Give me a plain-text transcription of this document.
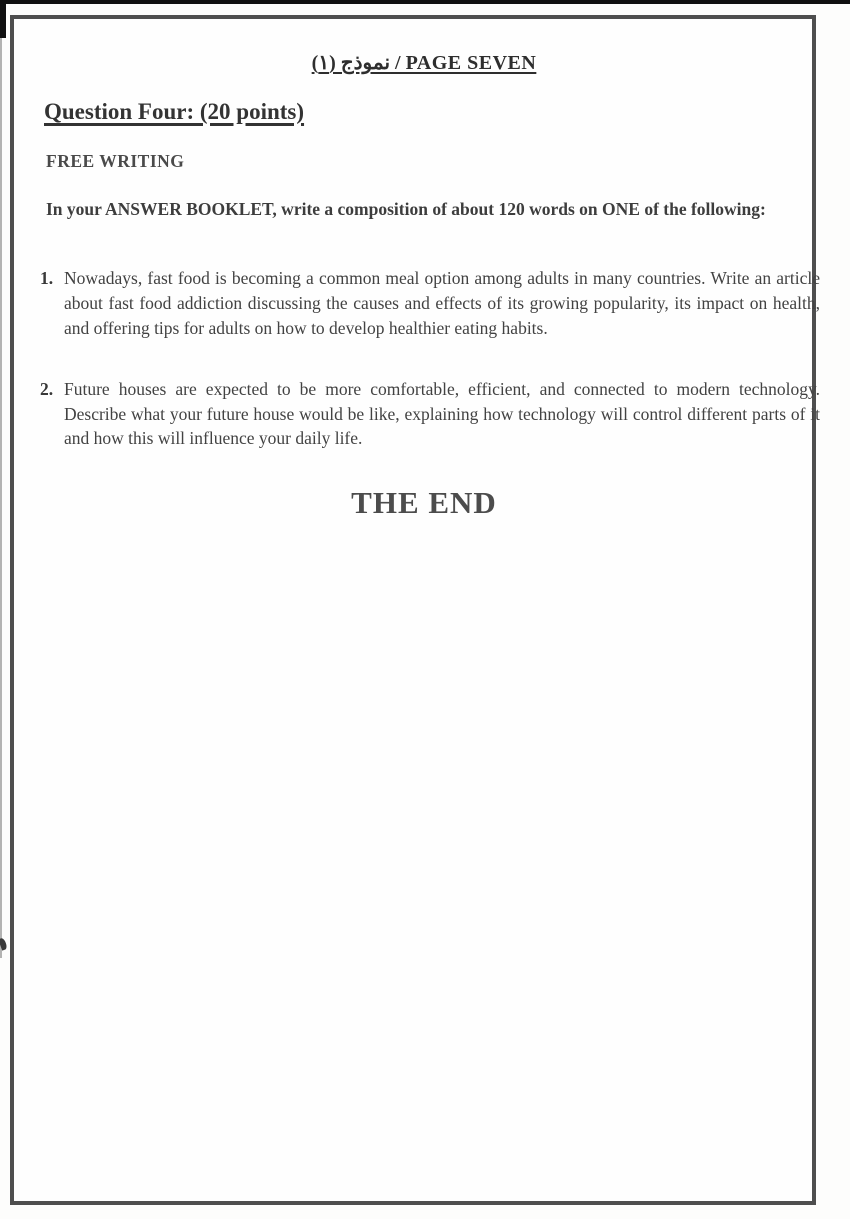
نموذج (١) / PAGE SEVEN
Question Four: (20 points)
FREE WRITING
In your ANSWER BOOKLET, write a composition of about 120 words on ONE of the following:
1. Nowadays, fast food is becoming a common meal option among adults in many countries. Write an article about fast food addiction discussing the causes and effects of its growing popularity, its impact on health, and offering tips for adults on how to develop healthier eating habits.
2. Future houses are expected to be more comfortable, efficient, and connected to modern technology. Describe what your future house would be like, explaining how technology will control different parts of it and how this will influence your daily life.
THE END
